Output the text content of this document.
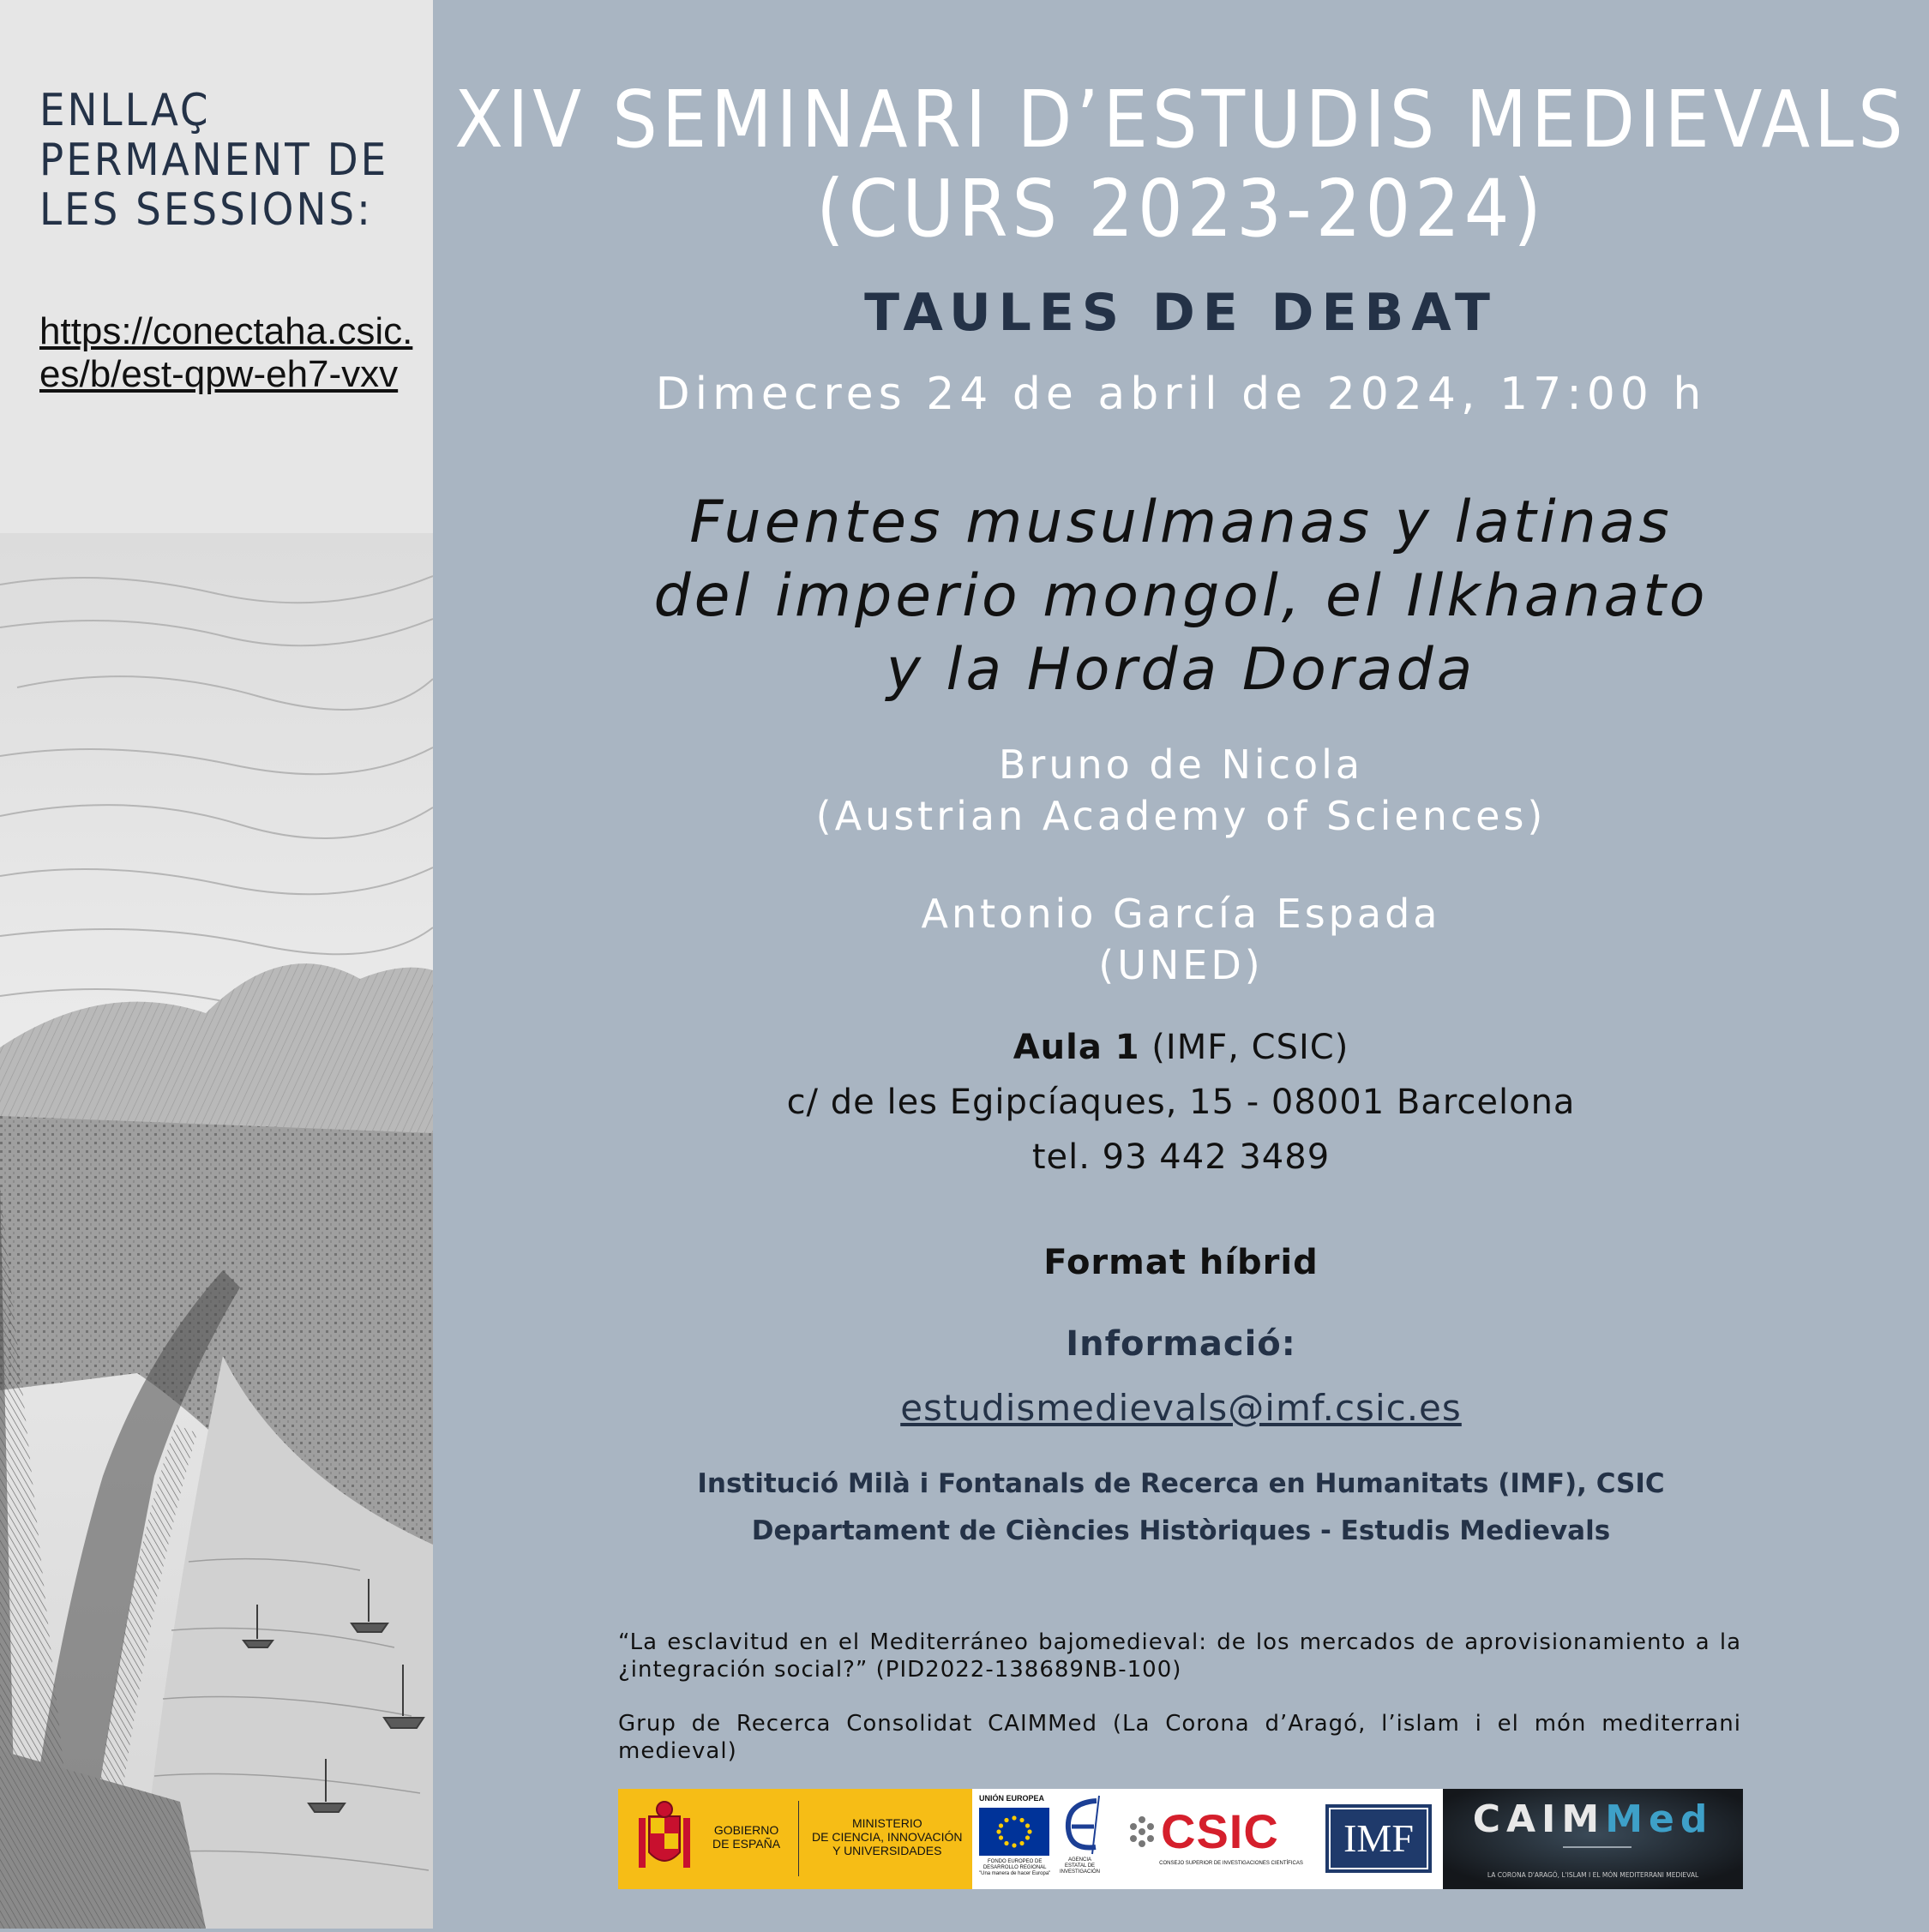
ENLLAÇ PERMANENT DE LES SESSIONS:

https://conectaha.csic.es/b/est-qpw-eh7-vxv
XIV SEMINARI D’ESTUDIS MEDIEVALS
(CURS 2023-2024)
TAULES DE DEBAT
Dimecres 24 de abril de 2024, 17:00 h
Fuentes musulmanas y latinas
del imperio mongol, el Ilkhanato
y la Horda Dorada
Bruno de Nicola
(Austrian Academy of Sciences)
Antonio García Espada
(UNED)
Aula 1 (IMF, CSIC)
c/ de les Egipcíaques, 15 - 08001 Barcelona
tel. 93 442 3489
Format híbrid
Informació:
estudismedievals@imf.csic.es
Institució Milà i Fontanals de Recerca en Humanitats (IMF), CSIC
Departament de Ciències Històriques - Estudis Medievals
“La esclavitud en el Mediterráneo bajomedieval: de los mercados de aprovisionamiento a la ¿integración social?” (PID2022-138689NB-100)
Grup de Recerca Consolidat CAIMMed (La Corona d’Aragó, l’islam i el món mediterrani medieval)
GOBIERNO
DE ESPAÑA
MINISTERIO
DE CIENCIA, INNOVACIÓN
Y UNIVERSIDADES
UNIÓN EUROPEA
FONDO EUROPEO DE
DESARROLLO REGIONAL
"Una manera de hacer Europa"
AGENCIA
ESTATAL DE
INVESTIGACIÓN
CSIC
CONSEJO SUPERIOR DE INVESTIGACIONES CIENTÍFICAS
IMF	CAIMMed
LA CORONA D'ARAGÓ, L'ISLAM I EL MÓN MEDITERRANI MEDIEVAL
